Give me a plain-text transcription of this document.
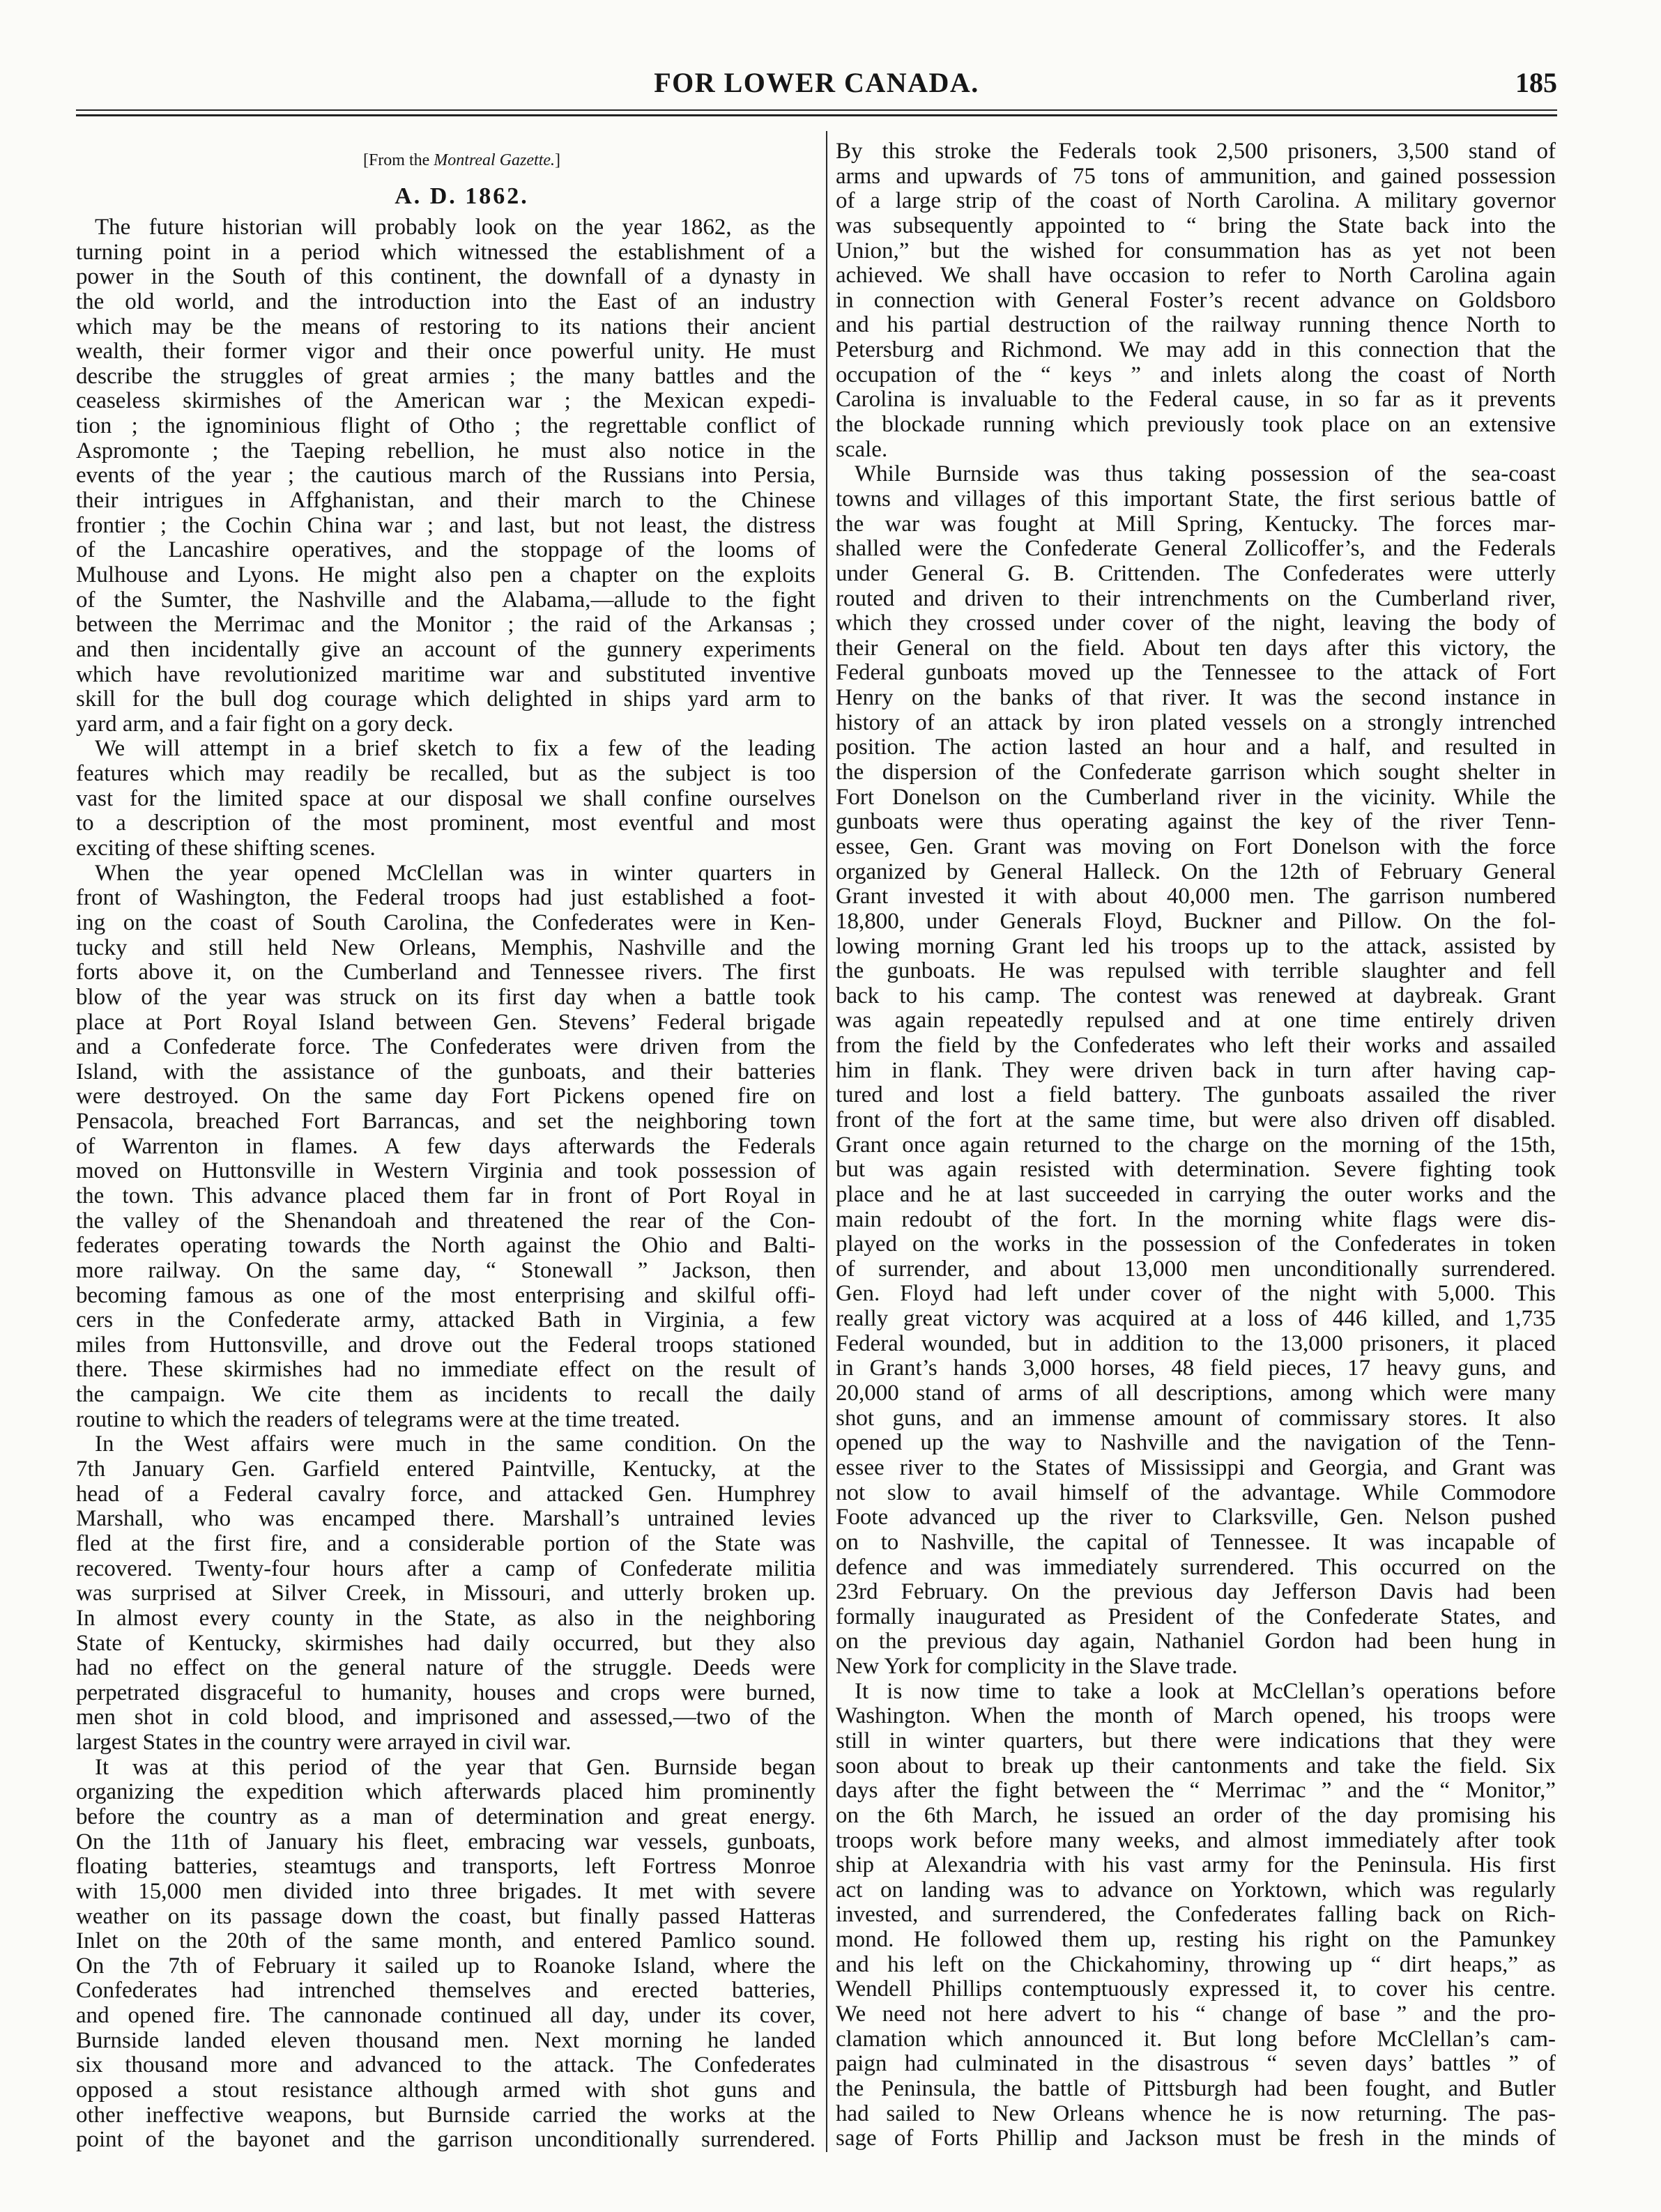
FOR LOWER CANADA.	185
[From the Montreal Gazette.]
A. D. 1862.
The future historian will probably look on the year 1862, as the
turning point in a period which witnessed the establishment of a
power in the South of this continent, the downfall of a dynasty in
the old world, and the introduction into the East of an industry
which may be the means of restoring to its nations their ancient
wealth, their former vigor and their once powerful unity. He must
describe the struggles of great armies ; the many battles and the
ceaseless skirmishes of the American war ; the Mexican expedi-
tion ; the ignominious flight of Otho ; the regrettable conflict of
Aspromonte ; the Taeping rebellion, he must also notice in the
events of the year ; the cautious march of the Russians into Persia,
their intrigues in Affghanistan, and their march to the Chinese
frontier ; the Cochin China war ; and last, but not least, the distress
of the Lancashire operatives, and the stoppage of the looms of
Mulhouse and Lyons. He might also pen a chapter on the exploits
of the Sumter, the Nashville and the Alabama,—allude to the fight
between the Merrimac and the Monitor ; the raid of the Arkansas ;
and then incidentally give an account of the gunnery experiments
which have revolutionized maritime war and substituted inventive
skill for the bull dog courage which delighted in ships yard arm to
yard arm, and a fair fight on a gory deck.
We will attempt in a brief sketch to fix a few of the leading
features which may readily be recalled, but as the subject is too
vast for the limited space at our disposal we shall confine ourselves
to a description of the most prominent, most eventful and most
exciting of these shifting scenes.
When the year opened McClellan was in winter quarters in
front of Washington, the Federal troops had just established a foot-
ing on the coast of South Carolina, the Confederates were in Ken-
tucky and still held New Orleans, Memphis, Nashville and the
forts above it, on the Cumberland and Tennessee rivers. The first
blow of the year was struck on its first day when a battle took
place at Port Royal Island between Gen. Stevens’ Federal brigade
and a Confederate force. The Confederates were driven from the
Island, with the assistance of the gunboats, and their batteries
were destroyed. On the same day Fort Pickens opened fire on
Pensacola, breached Fort Barrancas, and set the neighboring town
of Warrenton in flames. A few days afterwards the Federals
moved on Huttonsville in Western Virginia and took possession of
the town. This advance placed them far in front of Port Royal in
the valley of the Shenandoah and threatened the rear of the Con-
federates operating towards the North against the Ohio and Balti-
more railway. On the same day, “ Stonewall ” Jackson, then
becoming famous as one of the most enterprising and skilful offi-
cers in the Confederate army, attacked Bath in Virginia, a few
miles from Huttonsville, and drove out the Federal troops stationed
there. These skirmishes had no immediate effect on the result of
the campaign. We cite them as incidents to recall the daily
routine to which the readers of telegrams were at the time treated.
In the West affairs were much in the same condition. On the
7th January Gen. Garfield entered Paintville, Kentucky, at the
head of a Federal cavalry force, and attacked Gen. Humphrey
Marshall, who was encamped there. Marshall’s untrained levies
fled at the first fire, and a considerable portion of the State was
recovered. Twenty-four hours after a camp of Confederate militia
was surprised at Silver Creek, in Missouri, and utterly broken up.
In almost every county in the State, as also in the neighboring
State of Kentucky, skirmishes had daily occurred, but they also
had no effect on the general nature of the struggle. Deeds were
perpetrated disgraceful to humanity, houses and crops were burned,
men shot in cold blood, and imprisoned and assessed,—two of the
largest States in the country were arrayed in civil war.
It was at this period of the year that Gen. Burnside began
organizing the expedition which afterwards placed him prominently
before the country as a man of determination and great energy.
On the 11th of January his fleet, embracing war vessels, gunboats,
floating batteries, steamtugs and transports, left Fortress Monroe
with 15,000 men divided into three brigades. It met with severe
weather on its passage down the coast, but finally passed Hatteras
Inlet on the 20th of the same month, and entered Pamlico sound.
On the 7th of February it sailed up to Roanoke Island, where the
Confederates had intrenched themselves and erected batteries,
and opened fire. The cannonade continued all day, under its cover,
Burnside landed eleven thousand men. Next morning he landed
six thousand more and advanced to the attack. The Confederates
opposed a stout resistance although armed with shot guns and
other ineffective weapons, but Burnside carried the works at the
point of the bayonet and the garrison unconditionally surrendered.
By this stroke the Federals took 2,500 prisoners, 3,500 stand of
arms and upwards of 75 tons of ammunition, and gained possession
of a large strip of the coast of North Carolina. A military governor
was subsequently appointed to “ bring the State back into the
Union,” but the wished for consummation has as yet not been
achieved. We shall have occasion to refer to North Carolina again
in connection with General Foster’s recent advance on Goldsboro
and his partial destruction of the railway running thence North to
Petersburg and Richmond. We may add in this connection that the
occupation of the “ keys ” and inlets along the coast of North
Carolina is invaluable to the Federal cause, in so far as it prevents
the blockade running which previously took place on an extensive
scale.
While Burnside was thus taking possession of the sea-coast
towns and villages of this important State, the first serious battle of
the war was fought at Mill Spring, Kentucky. The forces mar-
shalled were the Confederate General Zollicoffer’s, and the Federals
under General G. B. Crittenden. The Confederates were utterly
routed and driven to their intrenchments on the Cumberland river,
which they crossed under cover of the night, leaving the body of
their General on the field. About ten days after this victory, the
Federal gunboats moved up the Tennessee to the attack of Fort
Henry on the banks of that river. It was the second instance in
history of an attack by iron plated vessels on a strongly intrenched
position. The action lasted an hour and a half, and resulted in
the dispersion of the Confederate garrison which sought shelter in
Fort Donelson on the Cumberland river in the vicinity. While the
gunboats were thus operating against the key of the river Tenn-
essee, Gen. Grant was moving on Fort Donelson with the force
organized by General Halleck. On the 12th of February General
Grant invested it with about 40,000 men. The garrison numbered
18,800, under Generals Floyd, Buckner and Pillow. On the fol-
lowing morning Grant led his troops up to the attack, assisted by
the gunboats. He was repulsed with terrible slaughter and fell
back to his camp. The contest was renewed at daybreak. Grant
was again repeatedly repulsed and at one time entirely driven
from the field by the Confederates who left their works and assailed
him in flank. They were driven back in turn after having cap-
tured and lost a field battery. The gunboats assailed the river
front of the fort at the same time, but were also driven off disabled.
Grant once again returned to the charge on the morning of the 15th,
but was again resisted with determination. Severe fighting took
place and he at last succeeded in carrying the outer works and the
main redoubt of the fort. In the morning white flags were dis-
played on the works in the possession of the Confederates in token
of surrender, and about 13,000 men unconditionally surrendered.
Gen. Floyd had left under cover of the night with 5,000. This
really great victory was acquired at a loss of 446 killed, and 1,735
Federal wounded, but in addition to the 13,000 prisoners, it placed
in Grant’s hands 3,000 horses, 48 field pieces, 17 heavy guns, and
20,000 stand of arms of all descriptions, among which were many
shot guns, and an immense amount of commissary stores. It also
opened up the way to Nashville and the navigation of the Tenn-
essee river to the States of Mississippi and Georgia, and Grant was
not slow to avail himself of the advantage. While Commodore
Foote advanced up the river to Clarksville, Gen. Nelson pushed
on to Nashville, the capital of Tennessee. It was incapable of
defence and was immediately surrendered. This occurred on the
23rd February. On the previous day Jefferson Davis had been
formally inaugurated as President of the Confederate States, and
on the previous day again, Nathaniel Gordon had been hung in
New York for complicity in the Slave trade.
It is now time to take a look at McClellan’s operations before
Washington. When the month of March opened, his troops were
still in winter quarters, but there were indications that they were
soon about to break up their cantonments and take the field. Six
days after the fight between the “ Merrimac ” and the “ Monitor,”
on the 6th March, he issued an order of the day promising his
troops work before many weeks, and almost immediately after took
ship at Alexandria with his vast army for the Peninsula. His first
act on landing was to advance on Yorktown, which was regularly
invested, and surrendered, the Confederates falling back on Rich-
mond. He followed them up, resting his right on the Pamunkey
and his left on the Chickahominy, throwing up “ dirt heaps,” as
Wendell Phillips contemptuously expressed it, to cover his centre.
We need not here advert to his “ change of base ” and the pro-
clamation which announced it. But long before McClellan’s cam-
paign had culminated in the disastrous “ seven days’ battles ” of
the Peninsula, the battle of Pittsburgh had been fought, and Butler
had sailed to New Orleans whence he is now returning. The pas-
sage of Forts Phillip and Jackson must be fresh in the minds of
